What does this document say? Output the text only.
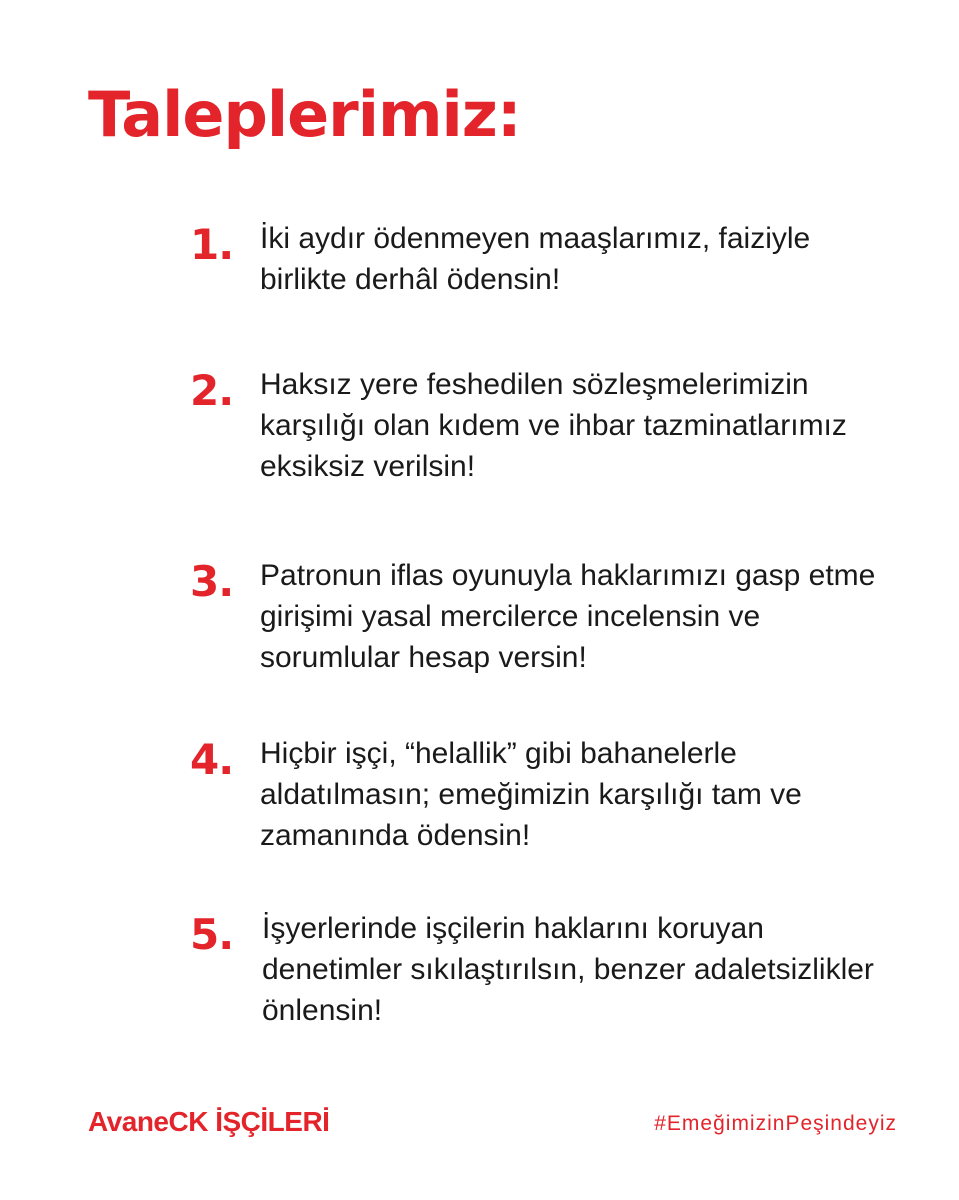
Taleplerimiz:
1. İki aydır ödenmeyen maaşlarımız, faiziyle birlikte derhâl ödensin!
2. Haksız yere feshedilen sözleşmelerimizin karşılığı olan kıdem ve ihbar tazminatlarımız eksiksiz verilsin!
3. Patronun iflas oyunuyla haklarımızı gasp etme girişimi yasal mercilerce incelensin ve sorumlular hesap versin!
4. Hiçbir işçi, “helallik” gibi bahanelerle aldatılmasın; emeğimizin karşılığı tam ve zamanında ödensin!
5. İşyerlerinde işçilerin haklarını koruyan denetimler sıkılaştırılsın, benzer adaletsizlikler önlensin!
AvaneCK İŞÇİLERİ	#EmeğimizinPeşindeyiz
